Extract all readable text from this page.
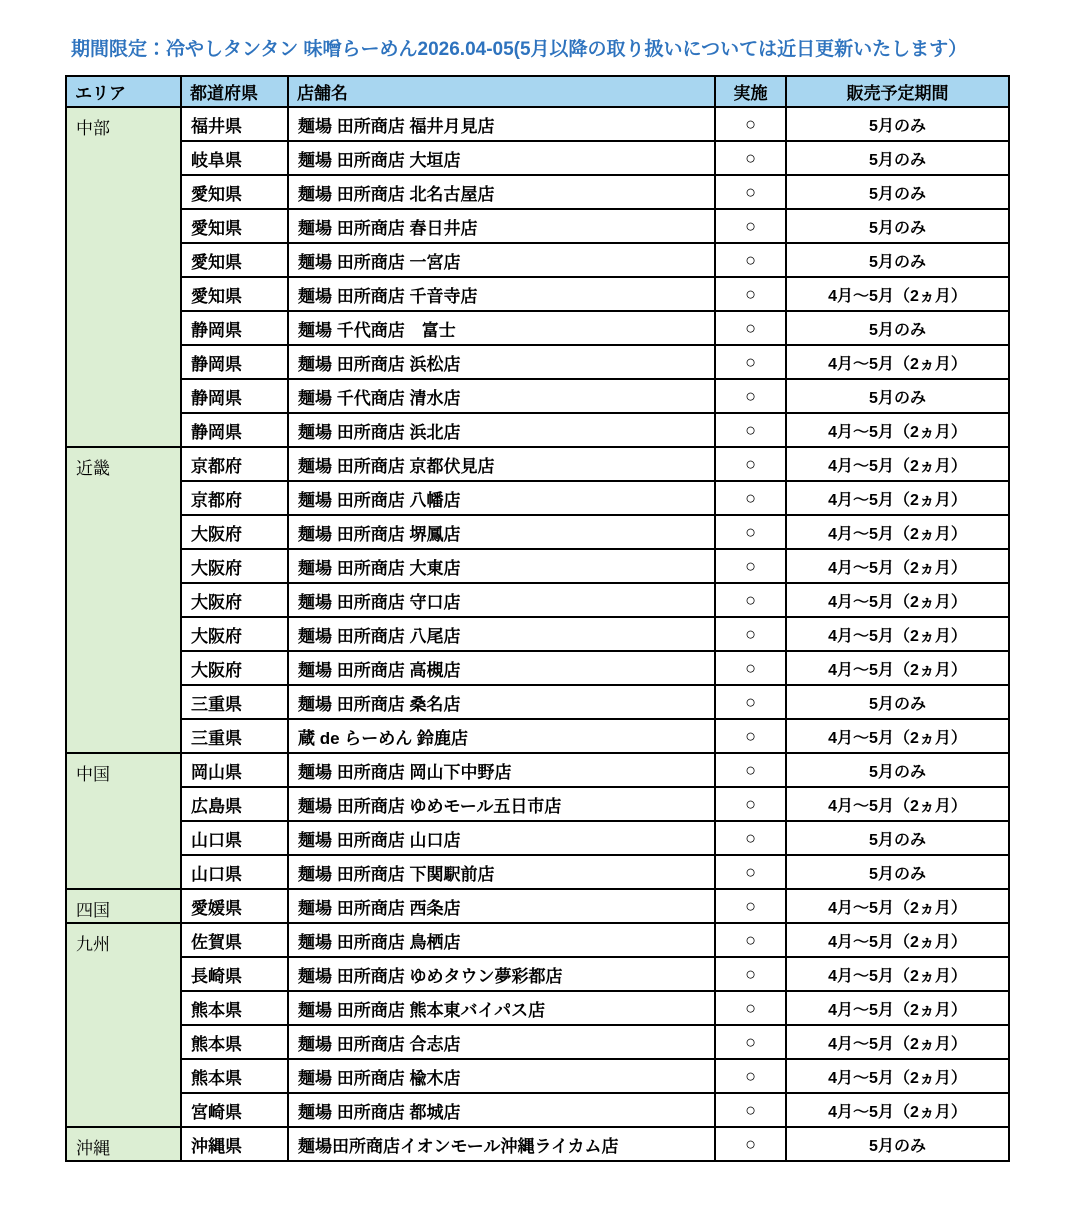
期間限定：冷やしタンタン 味噌らーめん2026.04-05(5月以降の取り扱いについては近日更新いたします）
エリア	都道府県	店舗名	実施	販売予定期間
中部	福井県	麺場 田所商店 福井月見店	○	5月のみ
	岐阜県	麺場 田所商店 大垣店	○	5月のみ
	愛知県	麺場 田所商店 北名古屋店	○	5月のみ
	愛知県	麺場 田所商店 春日井店	○	5月のみ
	愛知県	麺場 田所商店 一宮店	○	5月のみ
	愛知県	麺場 田所商店 千音寺店	○	4月～5月（2ヵ月）
	静岡県	麺場 千代商店　富士	○	5月のみ
	静岡県	麺場 田所商店 浜松店	○	4月～5月（2ヵ月）
	静岡県	麺場 千代商店 清水店	○	5月のみ
	静岡県	麺場 田所商店 浜北店	○	4月～5月（2ヵ月）
近畿	京都府	麺場 田所商店 京都伏見店	○	4月～5月（2ヵ月）
	京都府	麺場 田所商店 八幡店	○	4月～5月（2ヵ月）
	大阪府	麺場 田所商店 堺鳳店	○	4月～5月（2ヵ月）
	大阪府	麺場 田所商店 大東店	○	4月～5月（2ヵ月）
	大阪府	麺場 田所商店 守口店	○	4月～5月（2ヵ月）
	大阪府	麺場 田所商店 八尾店	○	4月～5月（2ヵ月）
	大阪府	麺場 田所商店 高槻店	○	4月～5月（2ヵ月）
	三重県	麺場 田所商店 桑名店	○	5月のみ
	三重県	蔵 de らーめん 鈴鹿店	○	4月～5月（2ヵ月）
中国	岡山県	麺場 田所商店 岡山下中野店	○	5月のみ
	広島県	麺場 田所商店 ゆめモール五日市店	○	4月～5月（2ヵ月）
	山口県	麺場 田所商店 山口店	○	5月のみ
	山口県	麺場 田所商店 下関駅前店	○	5月のみ
四国	愛媛県	麺場 田所商店 西条店	○	4月～5月（2ヵ月）
九州	佐賀県	麺場 田所商店 鳥栖店	○	4月～5月（2ヵ月）
	長崎県	麺場 田所商店 ゆめタウン夢彩都店	○	4月～5月（2ヵ月）
	熊本県	麺場 田所商店 熊本東バイパス店	○	4月～5月（2ヵ月）
	熊本県	麺場 田所商店 合志店	○	4月～5月（2ヵ月）
	熊本県	麺場 田所商店 楡木店	○	4月～5月（2ヵ月）
	宮崎県	麺場 田所商店 都城店	○	4月～5月（2ヵ月）
沖縄	沖縄県	麺場田所商店イオンモール沖縄ライカム店	○	5月のみ
